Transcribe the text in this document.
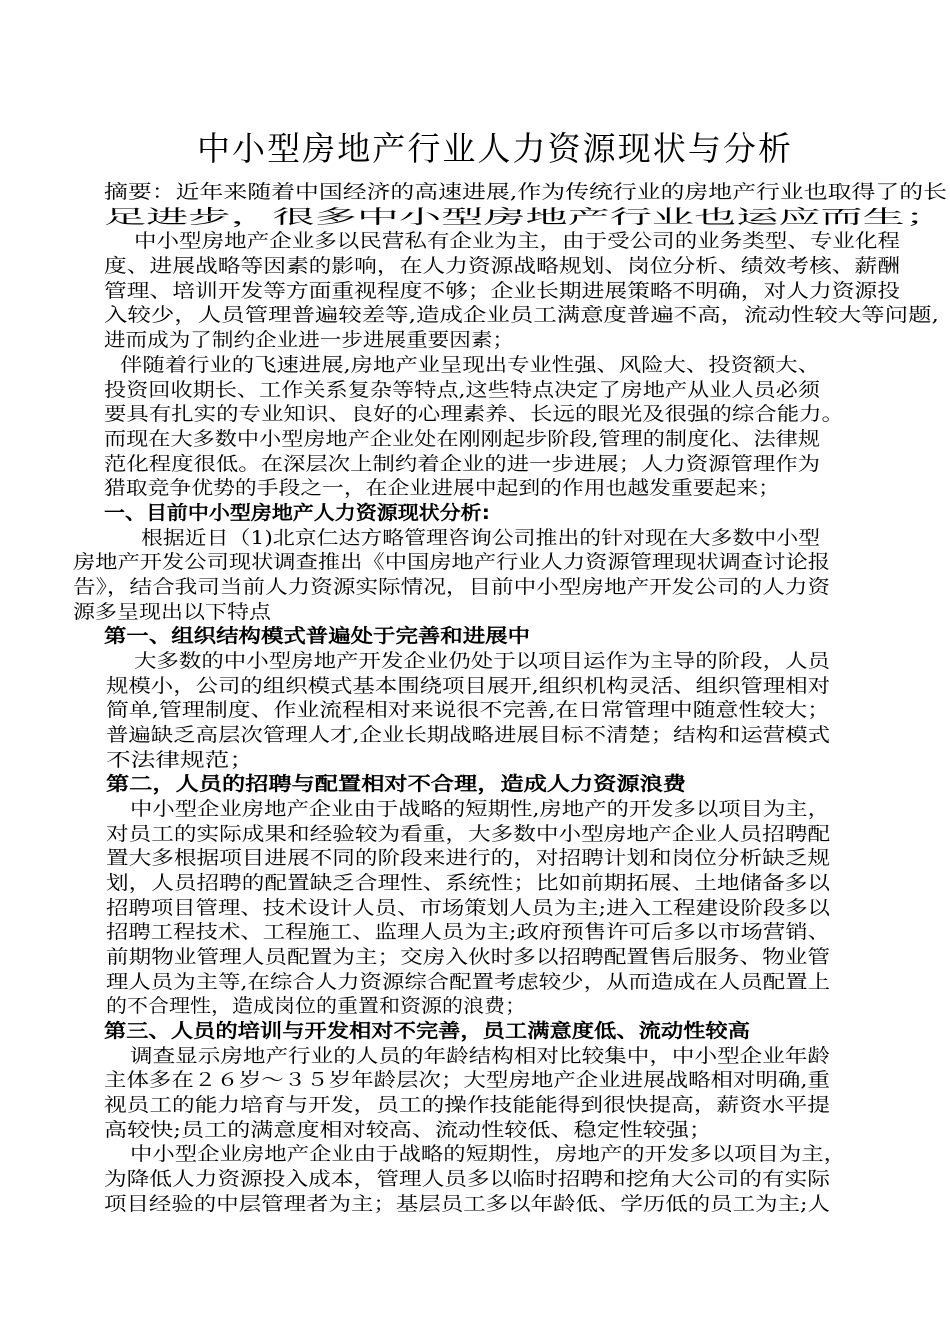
中小型房地产行业人力资源现状与分析
摘要：近年来随着中国经济的高速进展,作为传统行业的房地产行业也取得了的长
足进步，很多中小型房地产行业也运应而生；
中小型房地产企业多以民营私有企业为主，由于受公司的业务类型、专业化程
度、进展战略等因素的影响，在人力资源战略规划、岗位分析、绩效考核、薪酬
管理、培训开发等方面重视程度不够；企业长期进展策略不明确，对人力资源投
入较少，人员管理普遍较差等,造成企业员工满意度普遍不高，流动性较大等问题,
进而成为了制约企业进一步进展重要因素；
伴随着行业的飞速进展,房地产业呈现出专业性强、风险大、投资额大、
投资回收期长、工作关系复杂等特点,这些特点决定了房地产从业人员必须
要具有扎实的专业知识、良好的心理素养、长远的眼光及很强的综合能力。
而现在大多数中小型房地产企业处在刚刚起步阶段,管理的制度化、法律规
范化程度很低。在深层次上制约着企业的进一步进展；人力资源管理作为
猎取竞争优势的手段之一，在企业进展中起到的作用也越发重要起来；
一、目前中小型房地产人力资源现状分析:
根据近日（1)北京仁达方略管理咨询公司推出的针对现在大多数中小型
房地产开发公司现状调查推出《中国房地产行业人力资源管理现状调查讨论报
告》，结合我司当前人力资源实际情况，目前中小型房地产开发公司的人力资
源多呈现出以下特点
第一、组织结构模式普遍处于完善和进展中
大多数的中小型房地产开发企业仍处于以项目运作为主导的阶段，人员
规模小，公司的组织模式基本围绕项目展开,组织机构灵活、组织管理相对
简单,管理制度、作业流程相对来说很不完善,在日常管理中随意性较大；
普遍缺乏高层次管理人才,企业长期战略进展目标不清楚；结构和运营模式
不法律规范；
第二，人员的招聘与配置相对不合理，造成人力资源浪费
中小型企业房地产企业由于战略的短期性,房地产的开发多以项目为主，
对员工的实际成果和经验较为看重，大多数中小型房地产企业人员招聘配
置大多根据项目进展不同的阶段来进行的，对招聘计划和岗位分析缺乏规
划，人员招聘的配置缺乏合理性、系统性；比如前期拓展、土地储备多以
招聘项目管理、技术设计人员、市场策划人员为主;进入工程建设阶段多以
招聘工程技术、工程施工、监理人员为主;政府预售许可后多以市场营销、
前期物业管理人员配置为主；交房入伙时多以招聘配置售后服务、物业管
理人员为主等,在综合人力资源综合配置考虑较少，从而造成在人员配置上
的不合理性，造成岗位的重置和资源的浪费；
第三、人员的培训与开发相对不完善，员工满意度低、流动性较高
调查显示房地产行业的人员的年龄结构相对比较集中，中小型企业年龄
主体多在２６岁～３５岁年龄层次；大型房地产企业进展战略相对明确,重
视员工的能力培育与开发，员工的操作技能能得到很快提高，薪资水平提
高较快;员工的满意度相对较高、流动性较低、稳定性较强；
中小型企业房地产企业由于战略的短期性，房地产的开发多以项目为主，
为降低人力资源投入成本，管理人员多以临时招聘和挖角大公司的有实际
项目经验的中层管理者为主；基层员工多以年龄低、学历低的员工为主;人
